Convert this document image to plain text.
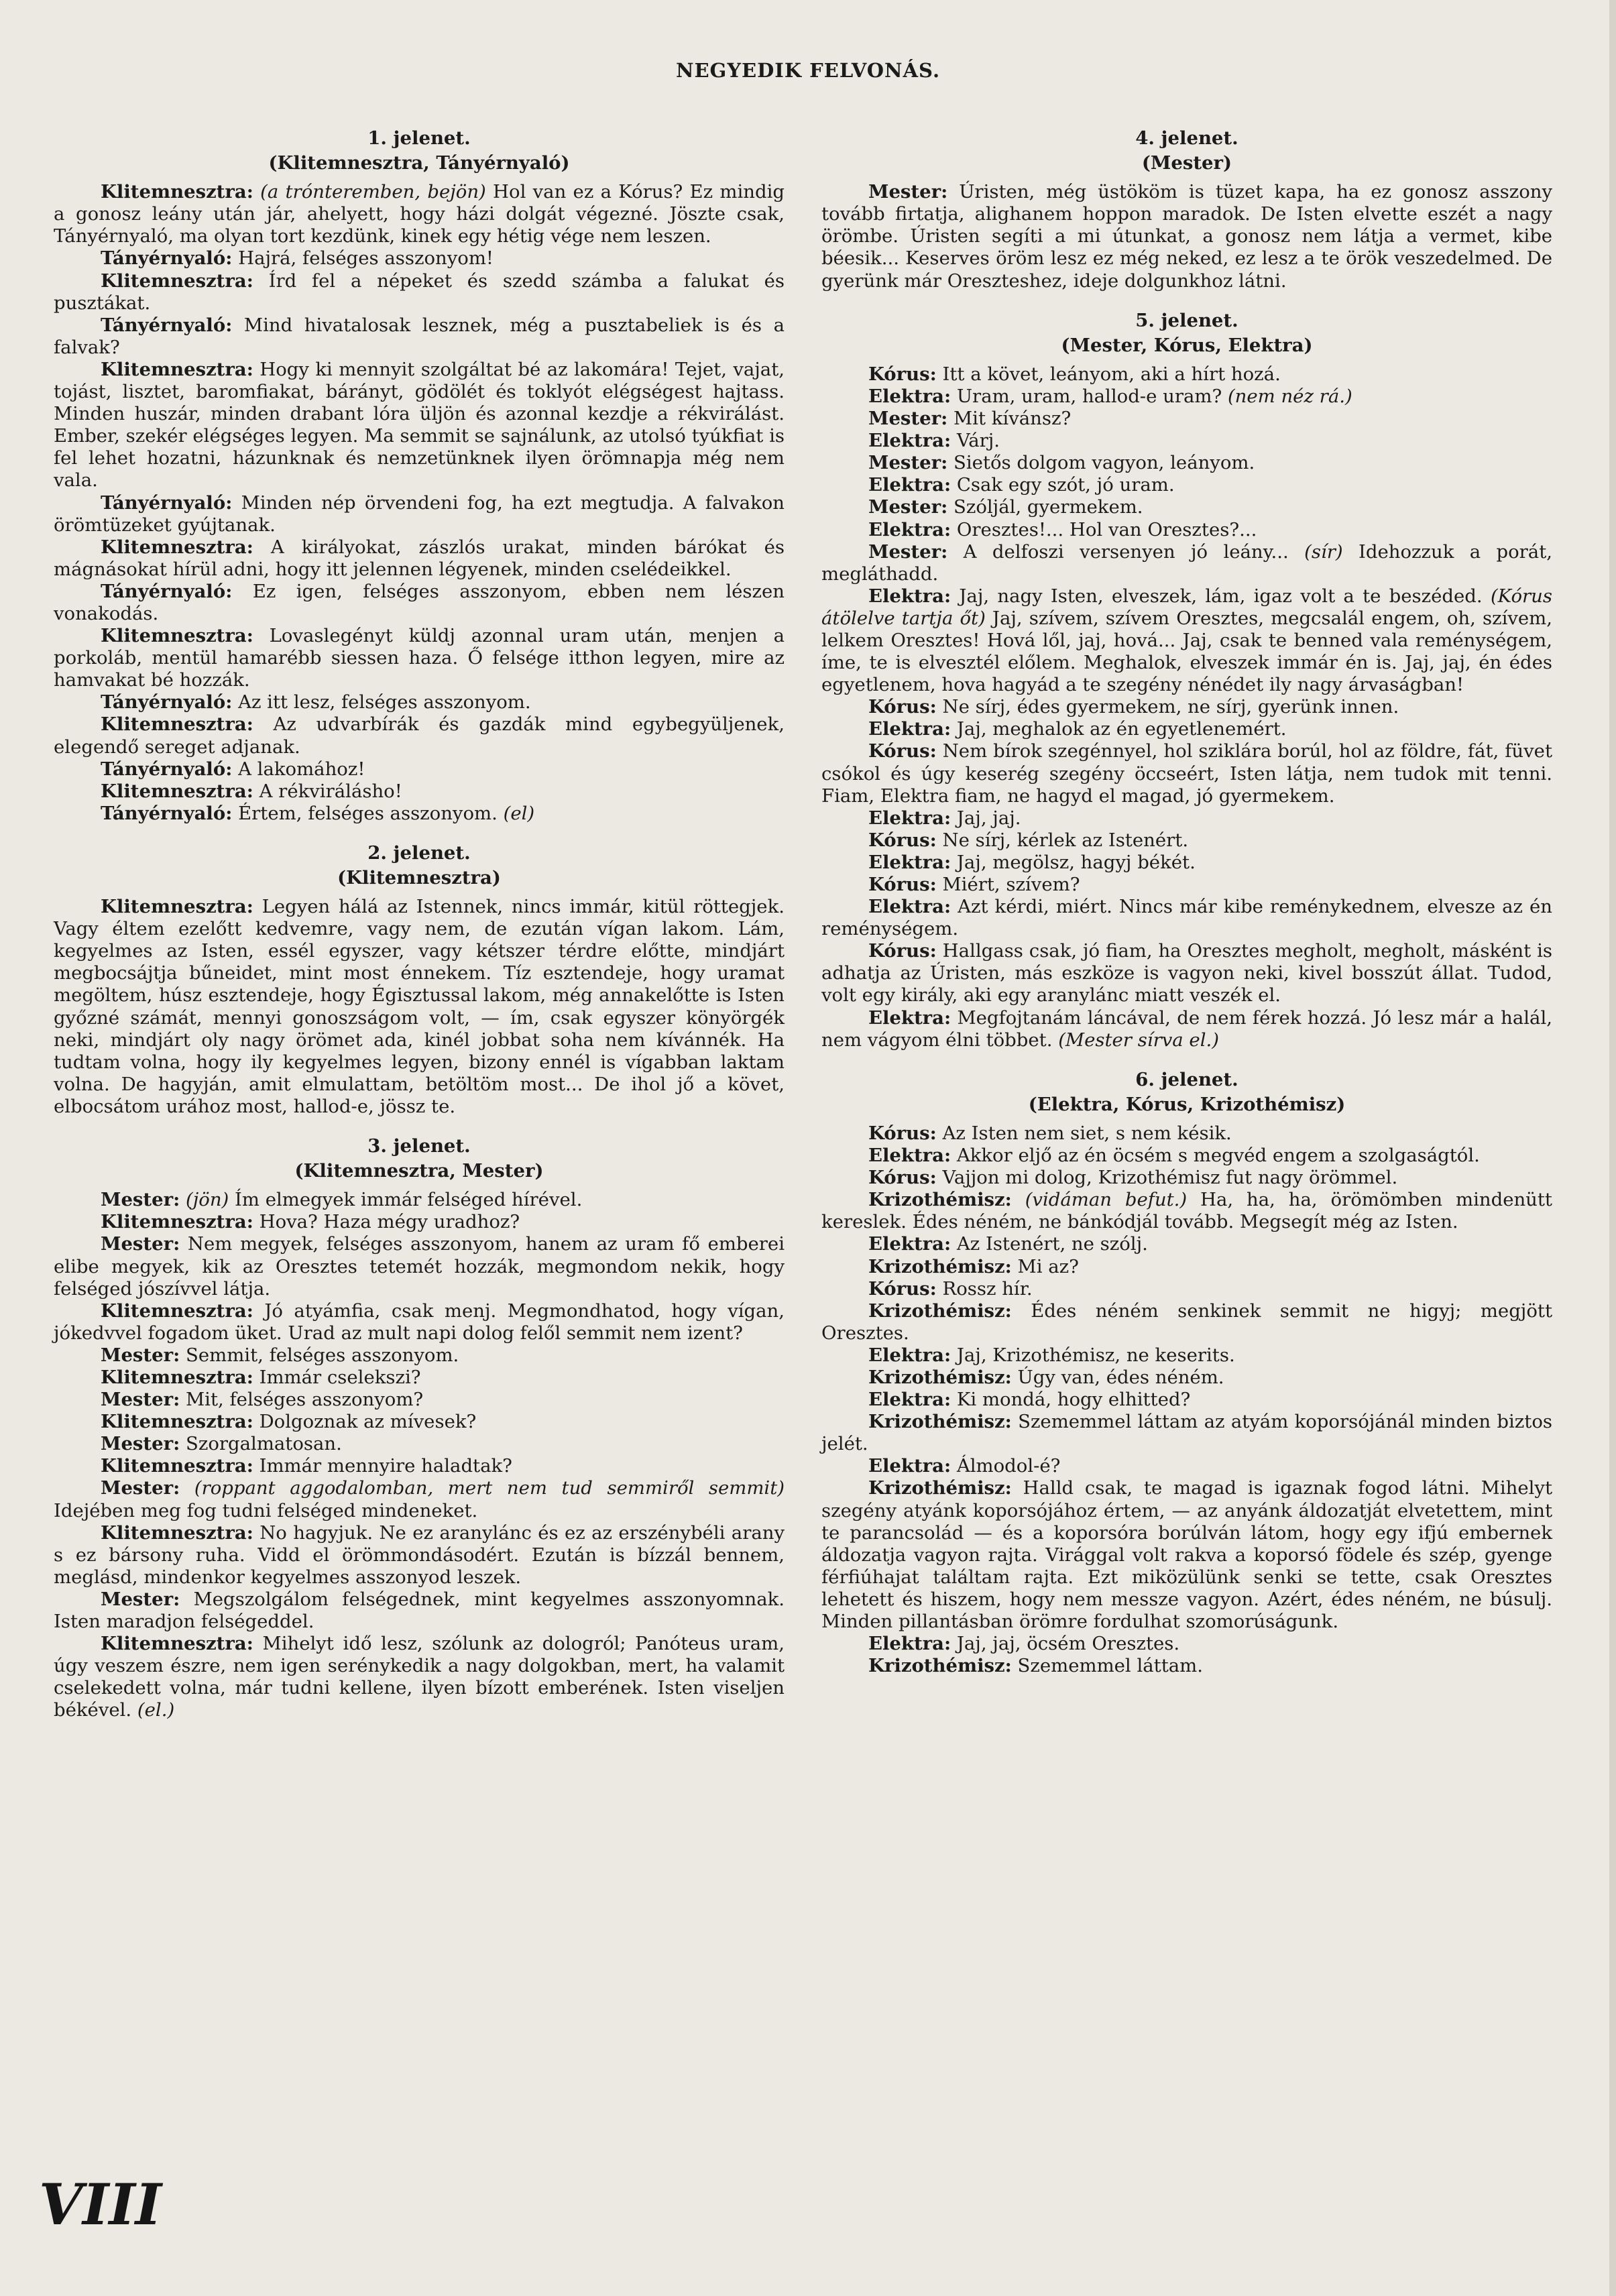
NEGYEDIK FELVONÁS.
1. jelenet.
(Klitemnesztra, Tányérnyaló)

Klitemnesztra: (a trónteremben, bejön) Hol van ez a Kórus? Ez mindig a gonosz leány után jár, ahelyett, hogy házi dolgát végezné. Jöszte csak, Tányérnyaló, ma olyan tort kezdünk, kinek egy hétig vége nem leszen.

Tányérnyaló: Hajrá, felséges asszonyom!

Klitemnesztra: Írd fel a népeket és szedd számba a falukat és pusztákat.

Tányérnyaló: Mind hivatalosak lesznek, még a pusztabeliek is és a falvak?

Klitemnesztra: Hogy ki mennyit szolgáltat bé az lakomára! Tejet, vajat, tojást, lisztet, baromfiakat, bárányt, gödölét és toklyót elégségest hajtass. Minden huszár, minden drabant lóra üljön és azonnal kezdje a rékvirálást. Ember, szekér elégséges legyen. Ma semmit se sajnálunk, az utolsó tyúkfiat is fel lehet hozatni, házunknak és nemzetünknek ilyen örömnapja még nem vala.

Tányérnyaló: Minden nép örvendeni fog, ha ezt megtudja. A falvakon örömtüzeket gyújtanak.

Klitemnesztra: A királyokat, zászlós urakat, minden bárókat és mágnásokat hírül adni, hogy itt jelennen légyenek, minden cselédeikkel.

Tányérnyaló: Ez igen, felséges asszonyom, ebben nem lészen vonakodás.

Klitemnesztra: Lovaslegényt küldj azonnal uram után, menjen a porkoláb, mentül hamarébb siessen haza. Ő felsége itthon legyen, mire az hamvakat bé hozzák.

Tányérnyaló: Az itt lesz, felséges asszonyom.

Klitemnesztra: Az udvarbírák és gazdák mind egybegyüljenek, elegendő sereget adjanak.

Tányérnyaló: A lakomához!

Klitemnesztra: A rékvirálásho!

Tányérnyaló: Értem, felséges asszonyom. (el)

2. jelenet.
(Klitemnesztra)

Klitemnesztra: Legyen hálá az Istennek, nincs immár, kitül röttegjek. Vagy éltem ezelőtt kedvemre, vagy nem, de ezután vígan lakom. Lám, kegyelmes az Isten, essél egyszer, vagy kétszer térdre előtte, mindjárt megbocsájtja bűneidet, mint most énnekem. Tíz esztendeje, hogy uramat megöltem, húsz esztendeje, hogy Égisztussal lakom, még annakelőtte is Isten győzné számát, mennyi gonoszságom volt, — ím, csak egyszer könyörgék neki, mindjárt oly nagy örömet ada, kinél jobbat soha nem kívánnék. Ha tudtam volna, hogy ily kegyelmes legyen, bizony ennél is vígabban laktam volna. De hagyján, amit elmulattam, betöltöm most... De ihol jő a követ, elbocsátom urához most, hallod-e, jössz te.

3. jelenet.
(Klitemnesztra, Mester)

Mester: (jön) Ím elmegyek immár felséged hírével.

Klitemnesztra: Hova? Haza mégy uradhoz?

Mester: Nem megyek, felséges asszonyom, hanem az uram fő emberei elibe megyek, kik az Oresztes tetemét hozzák, megmondom nekik, hogy felséged jószívvel látja.

Klitemnesztra: Jó atyámfia, csak menj. Megmondhatod, hogy vígan, jókedvvel fogadom üket. Urad az mult napi dolog felől semmit nem izent?

Mester: Semmit, felséges asszonyom.

Klitemnesztra: Immár cselekszi?

Mester: Mit, felséges asszonyom?

Klitemnesztra: Dolgoznak az mívesek?

Mester: Szorgalmatosan.

Klitemnesztra: Immár mennyire haladtak?

Mester: (roppant aggodalomban, mert nem tud semmiről semmit) Idejében meg fog tudni felséged mindeneket.

Klitemnesztra: No hagyjuk. Ne ez aranylánc és ez az erszénybéli arany s ez bársony ruha. Vidd el örömmondásodért. Ezután is bízzál bennem, meglásd, mindenkor kegyelmes asszonyod leszek.

Mester: Megszolgálom felségednek, mint kegyelmes asszonyomnak. Isten maradjon felségeddel.

Klitemnesztra: Mihelyt idő lesz, szólunk az dologról; Panóteus uram, úgy veszem észre, nem igen serénykedik a nagy dolgokban, mert, ha valamit cselekedett volna, már tudni kellene, ilyen bízott emberének. Isten viseljen békével. (el.)

4. jelenet.
(Mester)

Mester: Úristen, még üstököm is tüzet kapa, ha ez gonosz asszony tovább firtatja, alighanem hoppon maradok. De Isten elvette eszét a nagy örömbe. Úristen segíti a mi útunkat, a gonosz nem látja a vermet, kibe béesik... Keserves öröm lesz ez még neked, ez lesz a te örök veszedelmed. De gyerünk már Oreszteshez, ideje dolgunkhoz látni.

5. jelenet.
(Mester, Kórus, Elektra)

Kórus: Itt a követ, leányom, aki a hírt hozá.

Elektra: Uram, uram, hallod-e uram? (nem néz rá.)

Mester: Mit kívánsz?

Elektra: Várj.

Mester: Sietős dolgom vagyon, leányom.

Elektra: Csak egy szót, jó uram.

Mester: Szóljál, gyermekem.

Elektra: Oresztes!... Hol van Oresztes?...

Mester: A delfoszi versenyen jó leány... (sír) Idehozzuk a porát, megláthadd.

Elektra: Jaj, nagy Isten, elveszek, lám, igaz volt a te beszéded. (Kórus átölelve tartja őt) Jaj, szívem, szívem Oresztes, megcsalál engem, oh, szívem, lelkem Oresztes! Hová lől, jaj, hová... Jaj, csak te benned vala reménységem, íme, te is elvesztél előlem. Meghalok, elveszek immár én is. Jaj, jaj, én édes egyetlenem, hova hagyád a te szegény nénédet ily nagy árvaságban!

Kórus: Ne sírj, édes gyermekem, ne sírj, gyerünk innen.

Elektra: Jaj, meghalok az én egyetlenemért.

Kórus: Nem bírok szegénnyel, hol sziklára borúl, hol az földre, fát, füvet csókol és úgy keserég szegény öccseért, Isten látja, nem tudok mit tenni. Fiam, Elektra fiam, ne hagyd el magad, jó gyermekem.

Elektra: Jaj, jaj.

Kórus: Ne sírj, kérlek az Istenért.

Elektra: Jaj, megölsz, hagyj békét.

Kórus: Miért, szívem?

Elektra: Azt kérdi, miért. Nincs már kibe reménykednem, elvesze az én reménységem.

Kórus: Hallgass csak, jó fiam, ha Oresztes megholt, megholt, másként is adhatja az Úristen, más eszköze is vagyon neki, kivel bosszút állat. Tudod, volt egy király, aki egy aranylánc miatt veszék el.

Elektra: Megfojtanám láncával, de nem férek hozzá. Jó lesz már a halál, nem vágyom élni többet. (Mester sírva el.)

6. jelenet.
(Elektra, Kórus, Krizothémisz)

Kórus: Az Isten nem siet, s nem késik.

Elektra: Akkor eljő az én öcsém s megvéd engem a szolgaságtól.

Kórus: Vajjon mi dolog, Krizothémisz fut nagy örömmel.

Krizothémisz: (vidáman befut.) Ha, ha, ha, örömömben mindenütt kereslek. Édes néném, ne bánkódjál tovább. Megsegít még az Isten.

Elektra: Az Istenért, ne szólj.

Krizothémisz: Mi az?

Kórus: Rossz hír.

Krizothémisz: Édes néném senkinek semmit ne higyj; megjött Oresztes.

Elektra: Jaj, Krizothémisz, ne keserits.

Krizothémisz: Úgy van, édes néném.

Elektra: Ki mondá, hogy elhitted?

Krizothémisz: Szememmel láttam az atyám koporsójánál minden biztos jelét.

Elektra: Álmodol-é?

Krizothémisz: Halld csak, te magad is igaznak fogod látni. Mihelyt szegény atyánk koporsójához értem, — az anyánk áldozatját elvetettem, mint te parancsolád — és a koporsóra borúlván látom, hogy egy ifjú embernek áldozatja vagyon rajta. Virággal volt rakva a koporsó födele és szép, gyenge férfiúhajat találtam rajta. Ezt miközülünk senki se tette, csak Oresztes lehetett és hiszem, hogy nem messze vagyon. Azért, édes néném, ne búsulj. Minden pillantásban örömre fordulhat szomorúságunk.

Elektra: Jaj, jaj, öcsém Oresztes.

Krizothémisz: Szememmel láttam.

VIII
